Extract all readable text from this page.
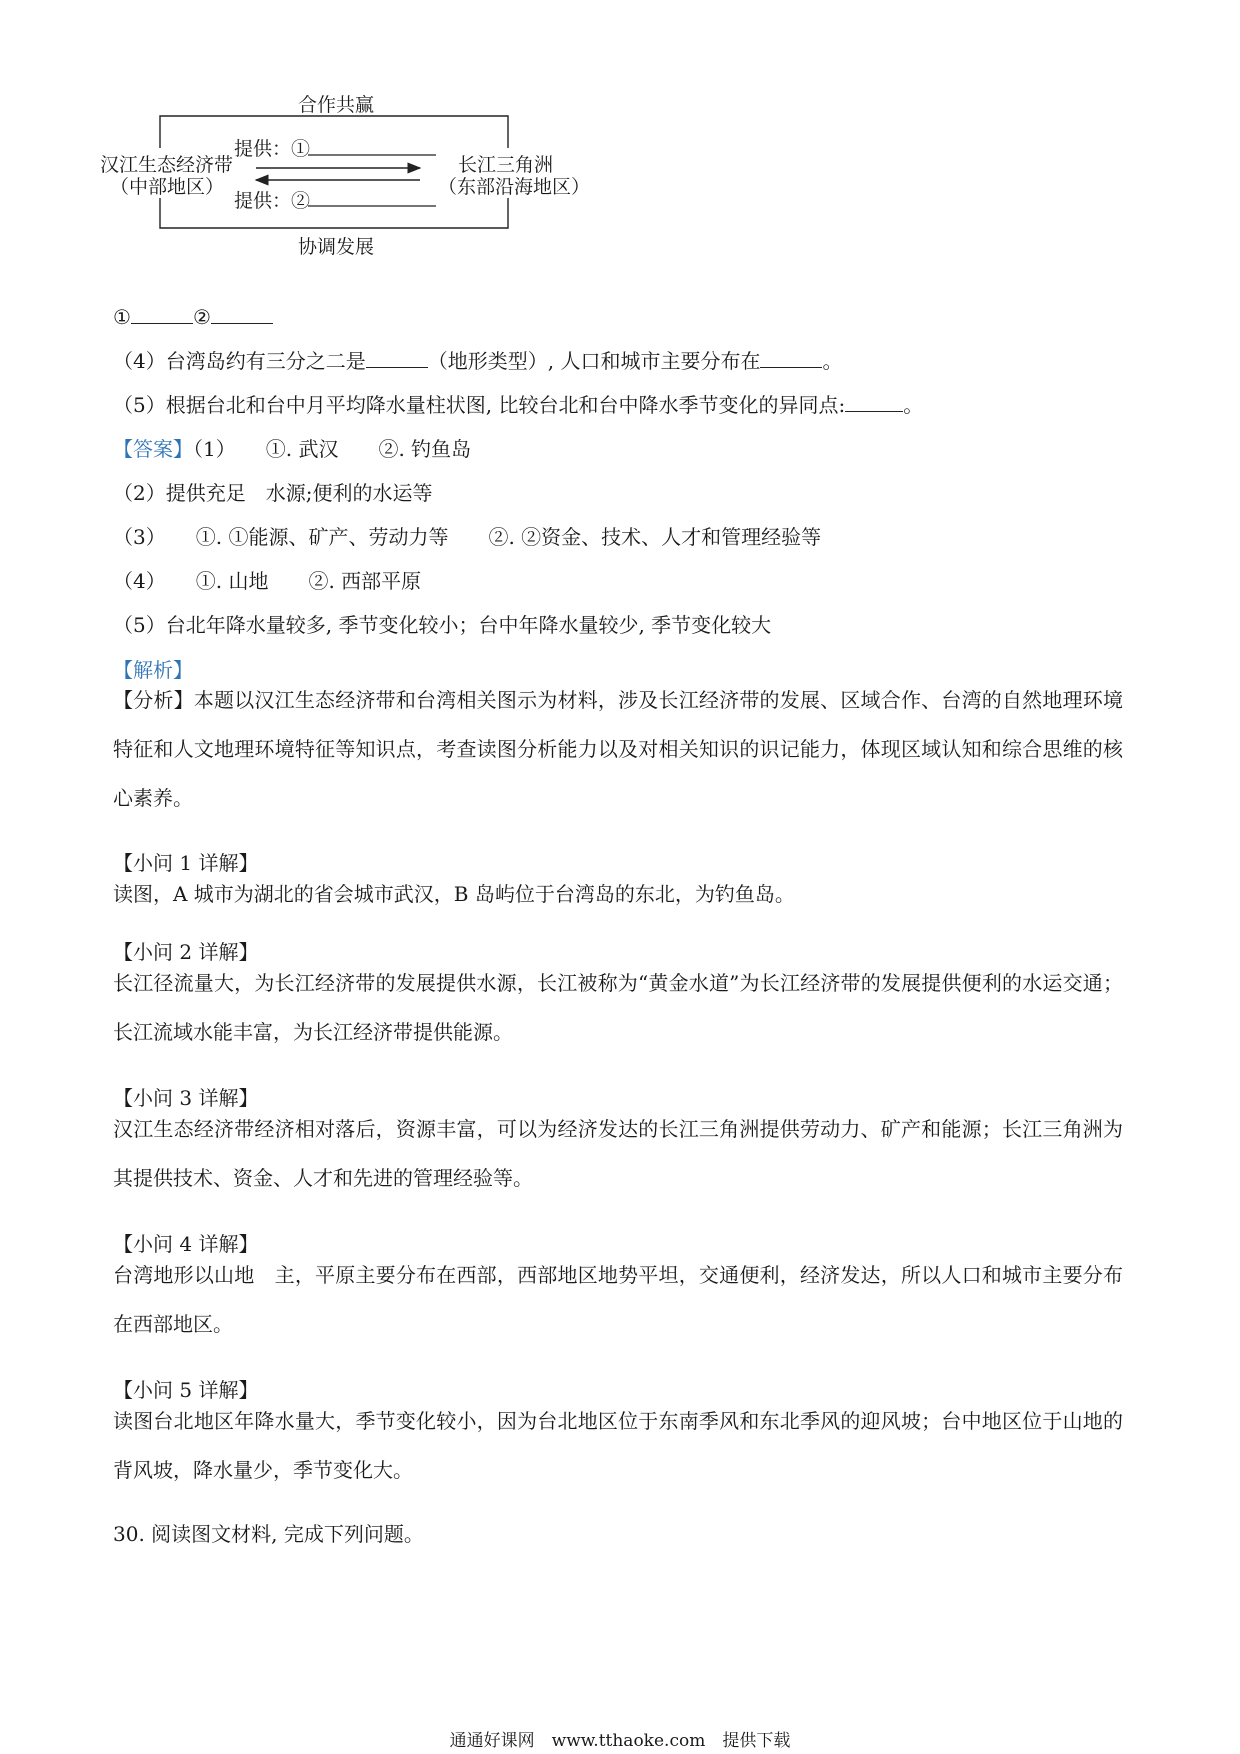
合作共赢
协调发展
汉江生态经济带
（中部地区）
长江三角洲
（东部沿海地区）
提供：①
提供：②
①	②
（4）台湾岛约有三分之二是	（地形类型）, 人口和城市主要分布在	。
（5）根据台北和台中月平均降水量柱状图, 比较台北和台中降水季节变化的异同点:	。
【答案】（1）　　①. 武汉　　②. 钓鱼岛
（2）提供充足　水源;便利的水运等
（3）　　①. ①能源、矿产、劳动力等　　②. ②资金、技术、人才和管理经验等
（4）　　①. 山地　　②. 西部平原
（5）台北年降水量较多, 季节变化较小；台中年降水量较少, 季节变化较大
【解析】
【分析】本题以汉江生态经济带和台湾相关图示为材料，涉及长江经济带的发展、区域合作、台湾的自然地理环境特征和人文地理环境特征等知识点，考查读图分析能力以及对相关知识的识记能力，体现区域认知和综合思维的核心素养。
【小问 1 详解】
读图，A 城市为湖北的省会城市武汉，B 岛屿位于台湾岛的东北，为钓鱼岛。
【小问 2 详解】
长江径流量大，为长江经济带的发展提供水源，长江被称为“黄金水道”为长江经济带的发展提供便利的水运交通；长江流域水能丰富，为长江经济带提供能源。
【小问 3 详解】
汉江生态经济带经济相对落后，资源丰富，可以为经济发达的长江三角洲提供劳动力、矿产和能源；长江三角洲为其提供技术、资金、人才和先进的管理经验等。
【小问 4 详解】
台湾地形以山地　主，平原主要分布在西部，西部地区地势平坦，交通便利，经济发达，所以人口和城市主要分布在西部地区。
【小问 5 详解】
读图台北地区年降水量大，季节变化较小，因为台北地区位于东南季风和东北季风的迎风坡；台中地区位于山地的背风坡，降水量少，季节变化大。
30. 阅读图文材料, 完成下列问题。
通通好课网　www.tthaoke.com　提供下载
